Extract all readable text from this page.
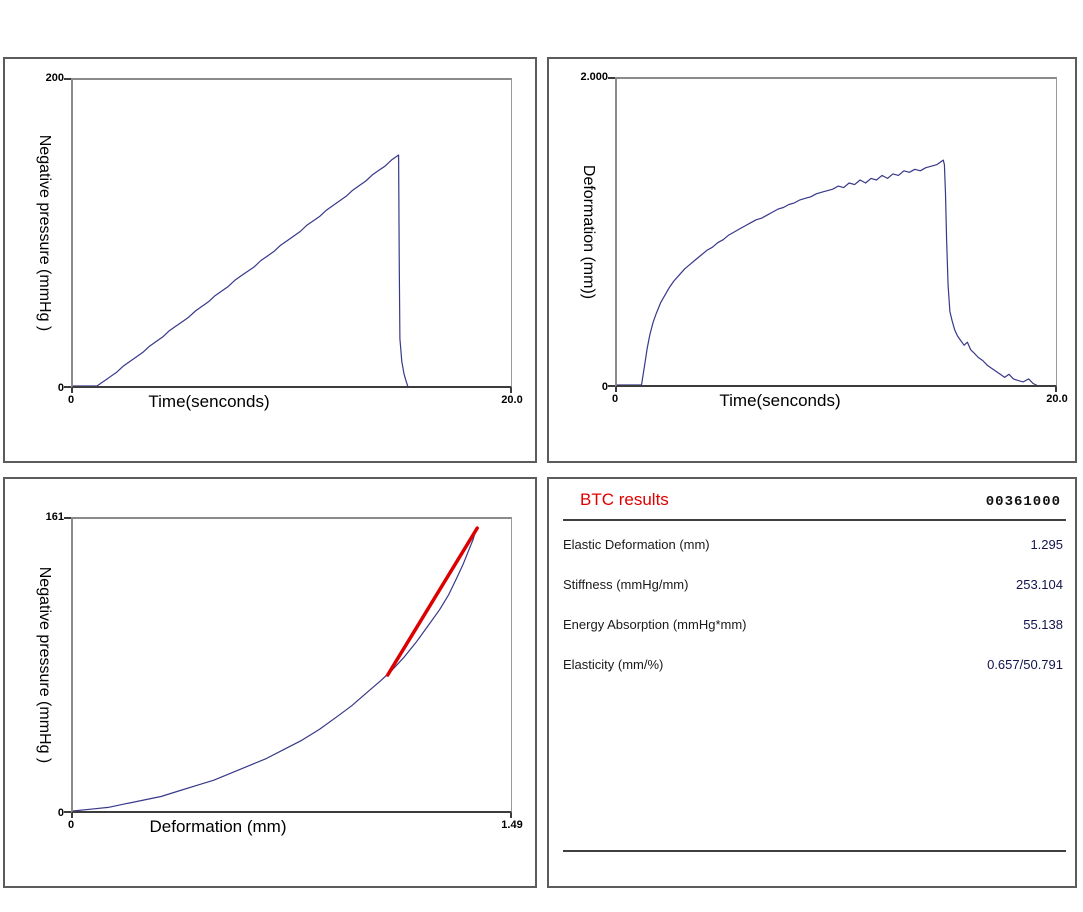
Negative pressure (mmHg )
200
0
0	20.0
Time(senconds)
Deformation (mm))
2.000
0
0	20.0
Time(senconds)
Negative pressure (mmHg )
161
0
0	1.49
Deformation (mm)
BTC results	00361000
Elastic Deformation (mm)	1.295
Stiffness (mmHg/mm)	253.104
Energy Absorption (mmHg*mm)	55.138
Elasticity (mm/%)	0.657/50.791
